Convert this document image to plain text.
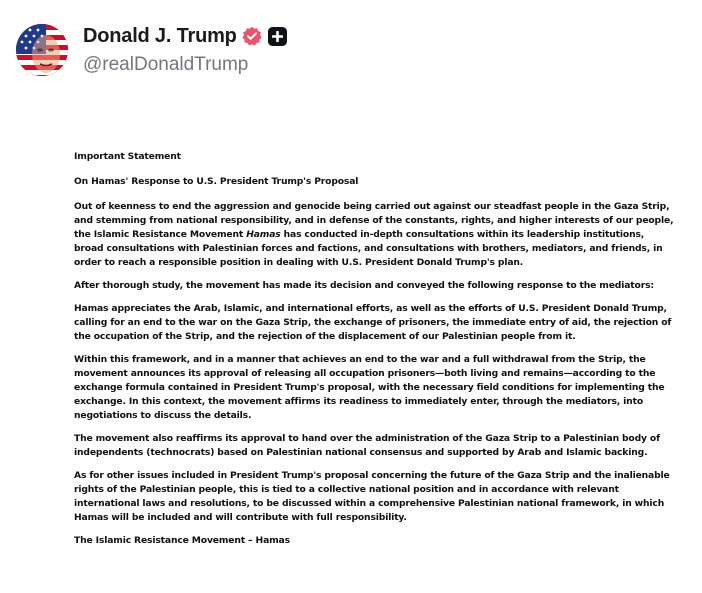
Donald J. Trump
@realDonaldTrump

Important Statement

On Hamas' Response to U.S. President Trump's Proposal

Out of keenness to end the aggression and genocide being carried out against our steadfast people in the Gaza Strip, and stemming from national responsibility, and in defense of the constants, rights, and higher interests of our people, the Islamic Resistance Movement Hamas has conducted in-depth consultations within its leadership institutions, broad consultations with Palestinian forces and factions, and consultations with brothers, mediators, and friends, in order to reach a responsible position in dealing with U.S. President Donald Trump's plan.

After thorough study, the movement has made its decision and conveyed the following response to the mediators:

Hamas appreciates the Arab, Islamic, and international efforts, as well as the efforts of U.S. President Donald Trump, calling for an end to the war on the Gaza Strip, the exchange of prisoners, the immediate entry of aid, the rejection of the occupation of the Strip, and the rejection of the displacement of our Palestinian people from it.

Within this framework, and in a manner that achieves an end to the war and a full withdrawal from the Strip, the movement announces its approval of releasing all occupation prisoners—both living and remains—according to the exchange formula contained in President Trump's proposal, with the necessary field conditions for implementing the exchange. In this context, the movement affirms its readiness to immediately enter, through the mediators, into negotiations to discuss the details.

The movement also reaffirms its approval to hand over the administration of the Gaza Strip to a Palestinian body of independents (technocrats) based on Palestinian national consensus and supported by Arab and Islamic backing.

As for other issues included in President Trump's proposal concerning the future of the Gaza Strip and the inalienable rights of the Palestinian people, this is tied to a collective national position and in accordance with relevant international laws and resolutions, to be discussed within a comprehensive Palestinian national framework, in which Hamas will be included and will contribute with full responsibility.

The Islamic Resistance Movement – Hamas
